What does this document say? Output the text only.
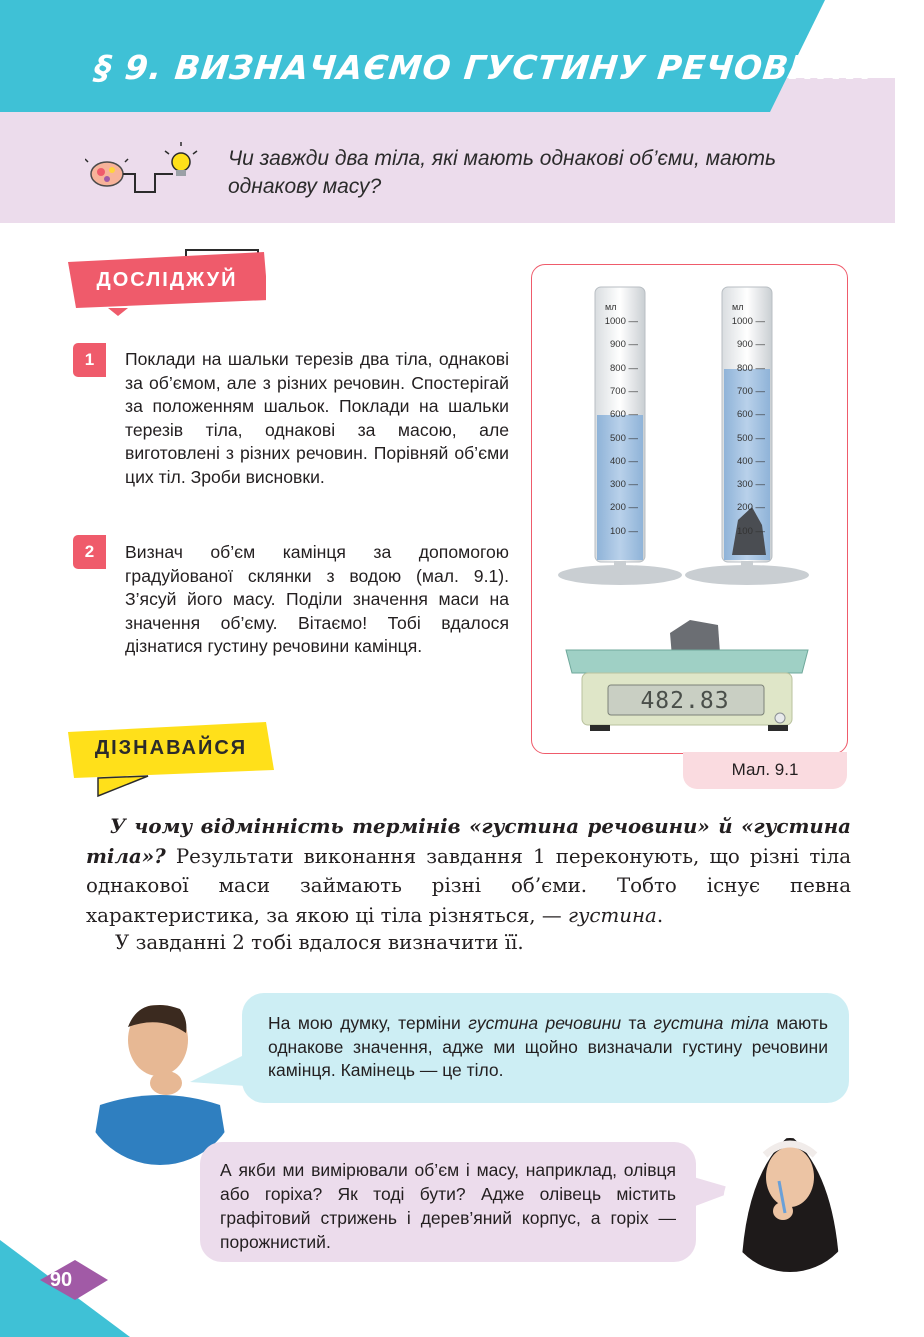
§ 9. ВИЗНАЧАЄМО ГУСТИНУ РЕЧОВИНИ
Чи завжди два тіла, які мають однакові об’єми, мають однакову масу?
ДОСЛІДЖУЙ
1	Поклади на шальки терезів два тіла, однакові за об’ємом, але з різних речовин. Спостерігай за положенням шальок. Поклади на шальки терезів тіла, однакові за масою, але виготовлені з різних речовин. Порівняй об’єми цих тіл. Зроби висновки.
2	Визнач об’єм камінця за допомогою градуйованої склянки з водою (мал. 9.1). З’ясуй його масу. Поділи значення маси на значення об’єму. Вітаємо! Тобі вдалося дізнатися густину речовини камінця.
мл	мл
1000 —
900 —
800 —
700 —
600 —
500 —
400 —
300 —
200 —
100 —
1000 —
900 —
800 —
700 —
600 —
500 —
400 —
300 —
200 —
100 —
482.83
Мал. 9.1
ДІЗНАВАЙСЯ
  У чому відмінність термінів «густина речовини» й «густина тіла»? Результати виконання завдання 1 переконують, що різні тіла однакової маси займають різні об’єми. Тобто існує певна характеристика, за якою ці тіла різняться, — густина.
У завданні 2 тобі вдалося визначити її.
На мою думку, терміни густина речовини та густина тіла мають однакове значення, адже ми щойно визначали густину речовини камінця. Камінець — це тіло.
А якби ми вимірювали об’єм і масу, наприклад, олівця або горіха? Як тоді бути? Адже олівець містить графітовий стрижень і дерев’яний корпус, а горіх — порожнистий.
90
